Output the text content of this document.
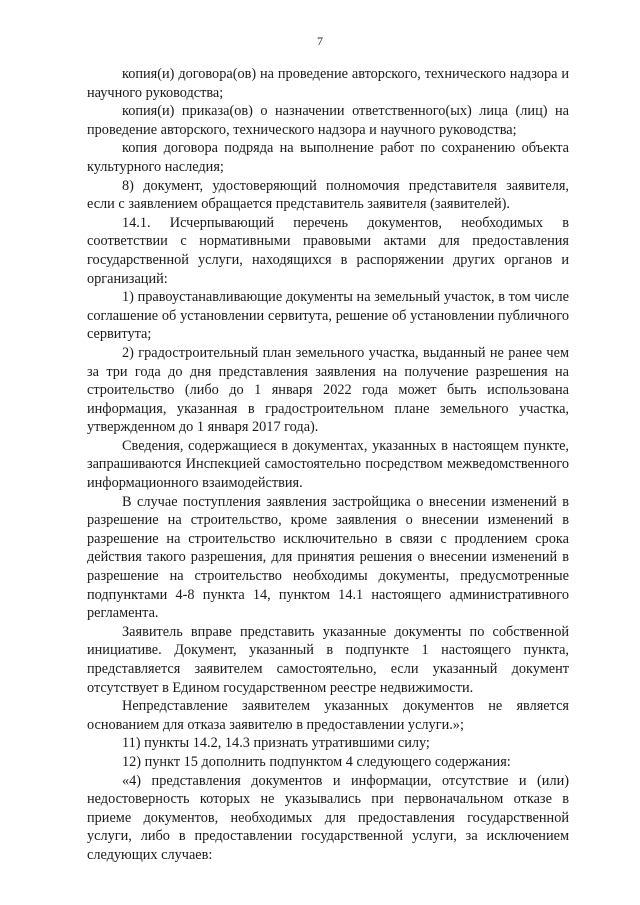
7

копия(и) договора(ов) на проведение авторского, технического надзора и научного руководства;

копия(и) приказа(ов) о назначении ответственного(ых) лица (лиц) на проведение авторского, технического надзора и научного руководства;

копия договора подряда на выполнение работ по сохранению объекта культурного наследия;

8) документ, удостоверяющий полномочия представителя заявителя, если с заявлением обращается представитель заявителя (заявителей).

14.1. Исчерпывающий перечень документов, необходимых в соответствии с нормативными правовыми актами для предоставления государственной услуги, находящихся в распоряжении других органов и организаций:

1) правоустанавливающие документы на земельный участок, в том числе соглашение об установлении сервитута, решение об установлении публичного сервитута;

2) градостроительный план земельного участка, выданный не ранее чем за три года до дня представления заявления на получение разрешения на строительство (либо до 1 января 2022 года может быть использована информация, указанная в градостроительном плане земельного участка, утвержденном до 1 января 2017 года).

Сведения, содержащиеся в документах, указанных в настоящем пункте, запрашиваются Инспекцией самостоятельно посредством межведомственного информационного взаимодействия.

В случае поступления заявления застройщика о внесении изменений в разрешение на строительство, кроме заявления о внесении изменений в разрешение на строительство исключительно в связи с продлением срока действия такого разрешения, для принятия решения о внесении изменений в разрешение на строительство необходимы документы, предусмотренные подпунктами 4-8 пункта 14, пунктом 14.1 настоящего административного регламента.

Заявитель вправе представить указанные документы по собственной инициативе. Документ, указанный в подпункте 1 настоящего пункта, представляется заявителем самостоятельно, если указанный документ отсутствует в Едином государственном реестре недвижимости.

Непредставление заявителем указанных документов не является основанием для отказа заявителю в предоставлении услуги.»;

11) пункты 14.2, 14.3 признать утратившими силу;

12) пункт 15 дополнить подпунктом 4 следующего содержания:

«4) представления документов и информации, отсутствие и (или) недостоверность которых не указывались при первоначальном отказе в приеме документов, необходимых для предоставления государственной услуги, либо в предоставлении государственной услуги, за исключением следующих случаев:
